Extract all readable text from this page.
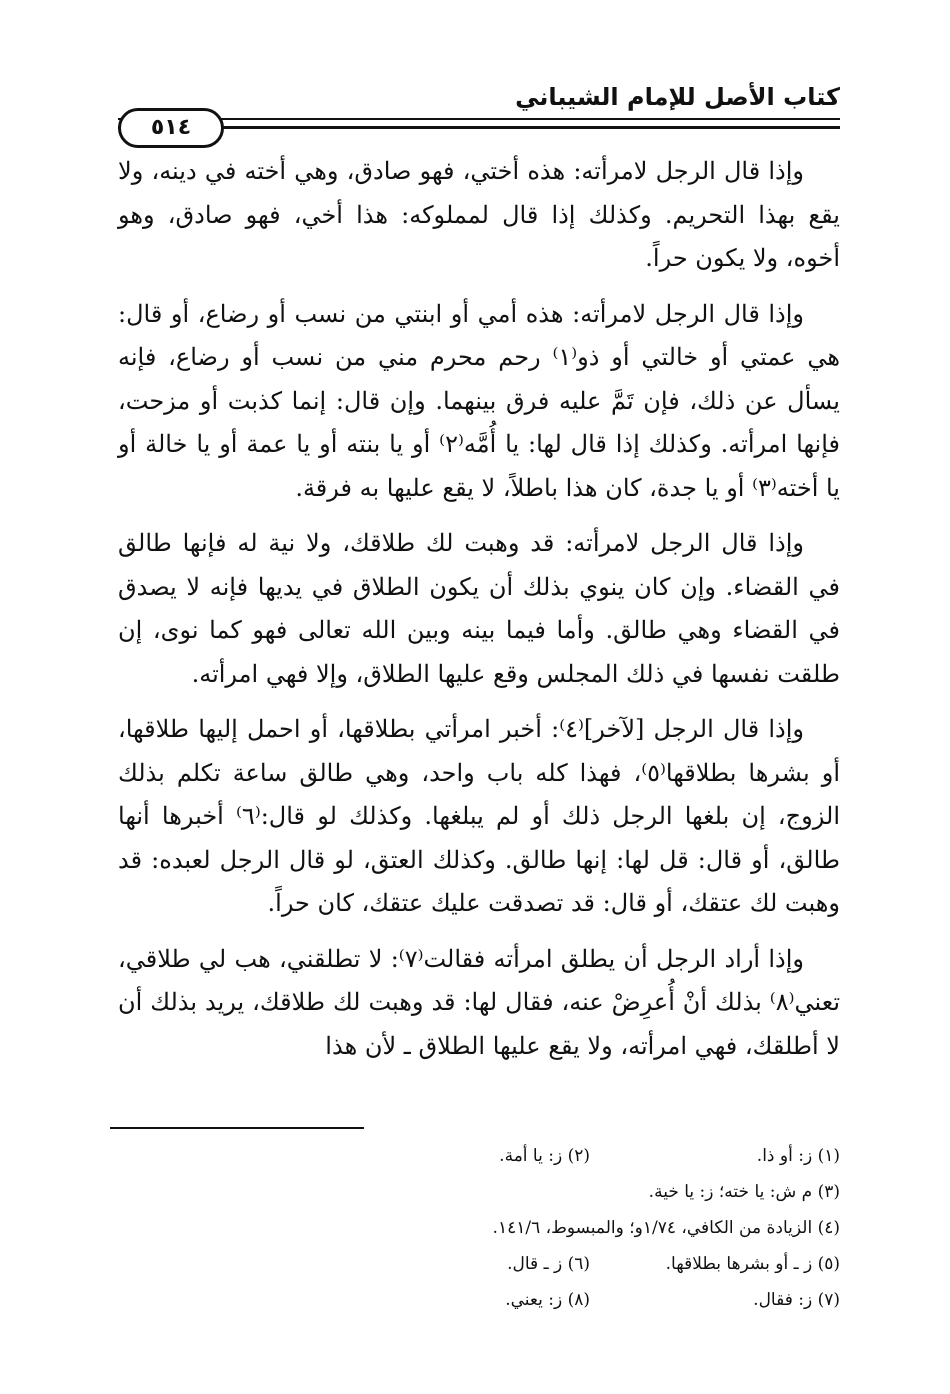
كتاب الأصل للإمام الشيباني
٥١٤

وإذا قال الرجل لامرأته: هذه أختي، فهو صادق، وهي أخته في دينه، ولا يقع بهذا التحريم. وكذلك إذا قال لمملوكه: هذا أخي، فهو صادق، وهو أخوه، ولا يكون حراً.

وإذا قال الرجل لامرأته: هذه أمي أو ابنتي من نسب أو رضاع، أو قال: هي عمتي أو خالتي أو ذو⁽١⁾ رحم محرم مني من نسب أو رضاع، فإنه يسأل عن ذلك، فإن تَمَّ عليه فرق بينهما. وإن قال: إنما كذبت أو مزحت، فإنها امرأته. وكذلك إذا قال لها: يا أُمَّه⁽٢⁾ أو يا بنته أو يا عمة أو يا خالة أو يا أخته⁽٣⁾ أو يا جدة، كان هذا باطلاً، لا يقع عليها به فرقة.

وإذا قال الرجل لامرأته: قد وهبت لك طلاقك، ولا نية له فإنها طالق في القضاء. وإن كان ينوي بذلك أن يكون الطلاق في يديها فإنه لا يصدق في القضاء وهي طالق. وأما فيما بينه وبين الله تعالى فهو كما نوى، إن طلقت نفسها في ذلك المجلس وقع عليها الطلاق، وإلا فهي امرأته.

وإذا قال الرجل [لآخر]⁽٤⁾: أخبر امرأتي بطلاقها، أو احمل إليها طلاقها، أو بشرها بطلاقها⁽٥⁾، فهذا كله باب واحد، وهي طالق ساعة تكلم بذلك الزوج، إن بلغها الرجل ذلك أو لم يبلغها. وكذلك لو قال:⁽٦⁾ أخبرها أنها طالق، أو قال: قل لها: إنها طالق. وكذلك العتق، لو قال الرجل لعبده: قد وهبت لك عتقك، أو قال: قد تصدقت عليك عتقك، كان حراً.

وإذا أراد الرجل أن يطلق امرأته فقالت⁽٧⁾: لا تطلقني، هب لي طلاقي، تعني⁽٨⁾ بذلك أنْ أُعرِضْ عنه، فقال لها: قد وهبت لك طلاقك، يريد بذلك أن لا أطلقك، فهي امرأته، ولا يقع عليها الطلاق ـ لأن هذا

(١) ز: أو ذا.
(٢) ز: يا أمة.
(٣) م ش: يا خته؛ ز: يا خية.
(٤) الزيادة من الكافي، ١/٧٤و؛ والمبسوط، ١٤١/٦.
(٥) ز ـ أو بشرها بطلاقها.
(٦) ز ـ قال.
(٧) ز: فقال.
(٨) ز: يعني.
